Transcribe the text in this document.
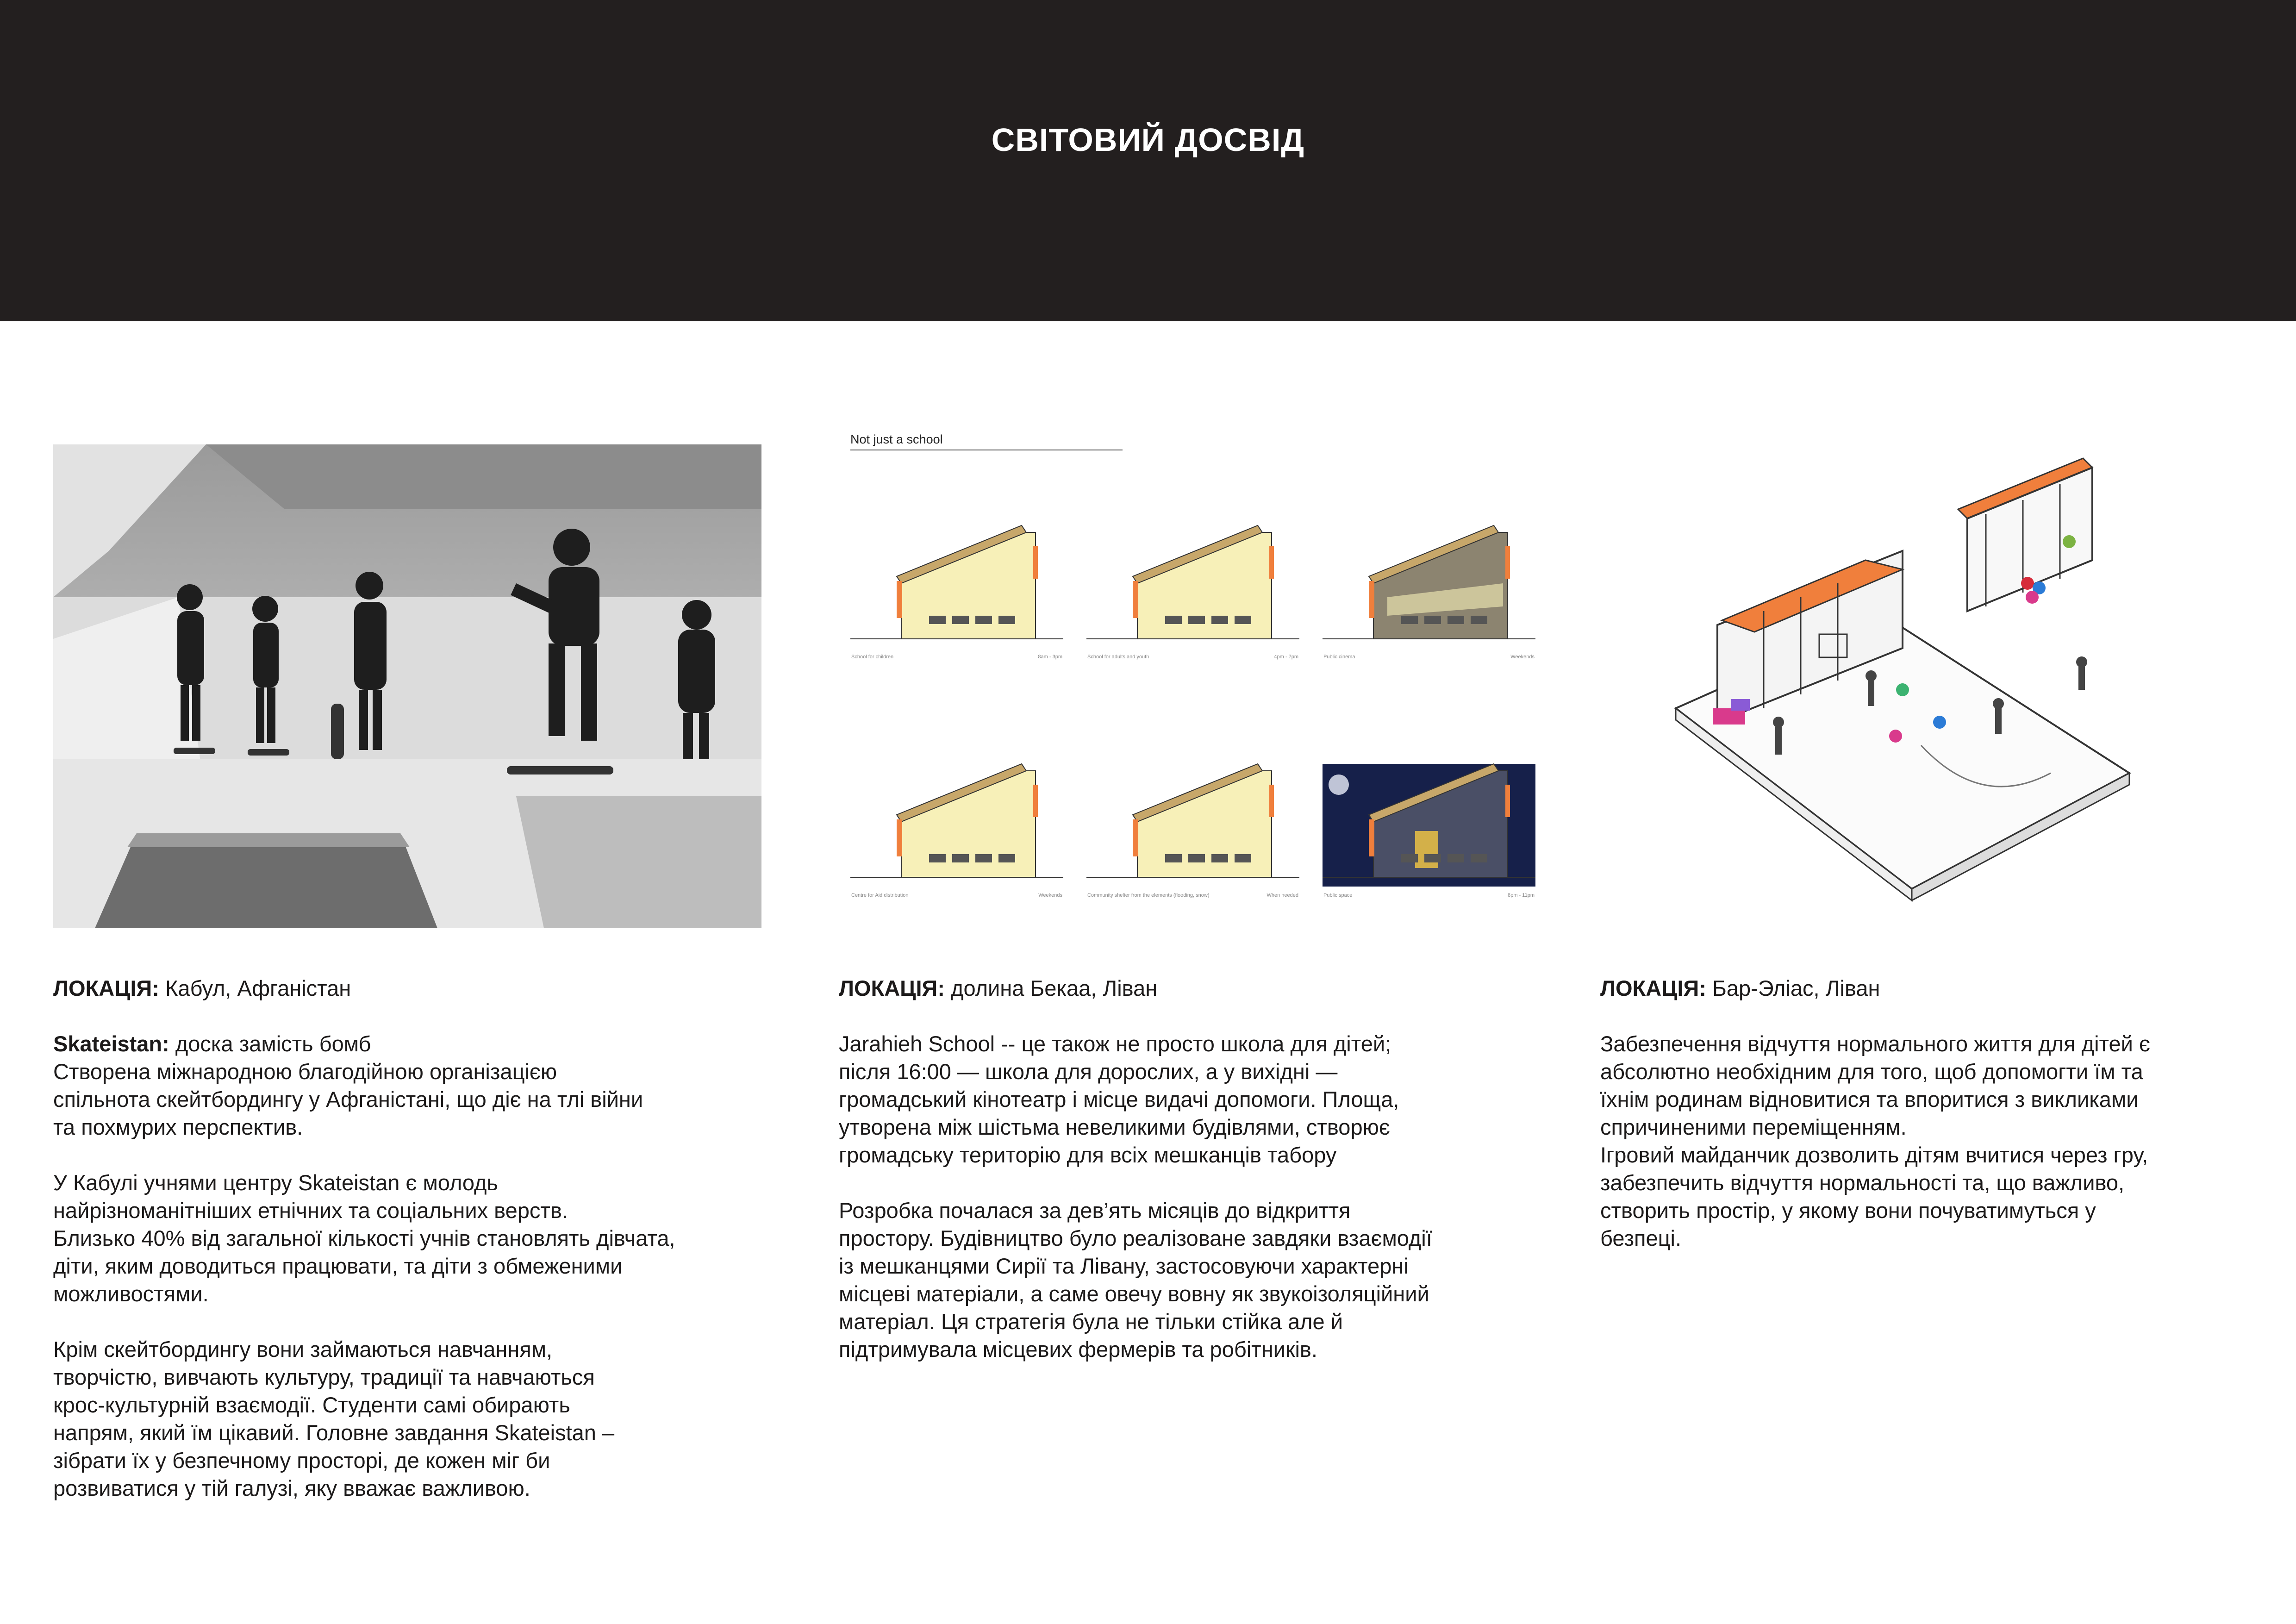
СВІТОВИЙ ДОСВІД
Not just a school
School for children	8am - 3pm	School for adults and youth	4pm - 7pm	Public cinema	Weekends
Centre for Aid distribution	Weekends	Community shelter from the elements (flooding, snow)	When needed	Public space	8pm - 11pm

ЛОКАЦІЯ: Кабул, Афганістан

Skateistan: доска замість бомб

Створена міжнародною благодійною організацією

спільнота скейтбордингу у Афганістані, що діє на тлі війни

та похмурих перспектив.

У Кабулі учнями центру Skateistan є молодь

найрізноманітніших етнічних та соціальних верств.

Близько 40% від загальної кількості учнів становлять дівчата,

діти, яким доводиться працювати, та діти з обмеженими

можливостями.

Крім скейтбордингу вони займаються навчанням,

творчістю, вивчають культуру, традиції та навчаються

крос-культурній взаємодії. Студенти самі обирають

напрям, який їм цікавий. Головне завдання Skateistan –

зібрати їх у безпечному просторі, де кожен міг би

розвиватися у тій галузі, яку вважає важливою.

ЛОКАЦІЯ: долина Бекаа, Ліван

Jarahieh School -- це також не просто школа для дітей;

після 16:00 — школа для дорослих, а у вихідні —

громадський кінотеатр і місце видачі допомоги. Площа,

утворена між шістьма невеликими будівлями, створює

громадську територію для всіх мешканців табору

Розробка почалася за дев’ять місяців до відкриття

простору. Будівництво було реалізоване завдяки взаємодії

із мешканцями Сирії та Лівану, застосовуючи характерні

місцеві матеріали, а саме овечу вовну як звукоізоляційний

матеріал. Ця стратегія була не тільки стійка але й

підтримувала місцевих фермерів та робітників.

ЛОКАЦІЯ: Бар-Эліас, Ліван

Забезпечення відчуття нормального життя для дітей є

абсолютно необхідним для того, щоб допомогти їм та

їхнім родинам відновитися та впоритися з викликами

спричиненими переміщенням.

Ігровий майданчик дозволить дітям вчитися через гру,

забезпечить відчуття нормальності та, що важливо,

створить простір, у якому вони почуватимуться у

безпеці.
